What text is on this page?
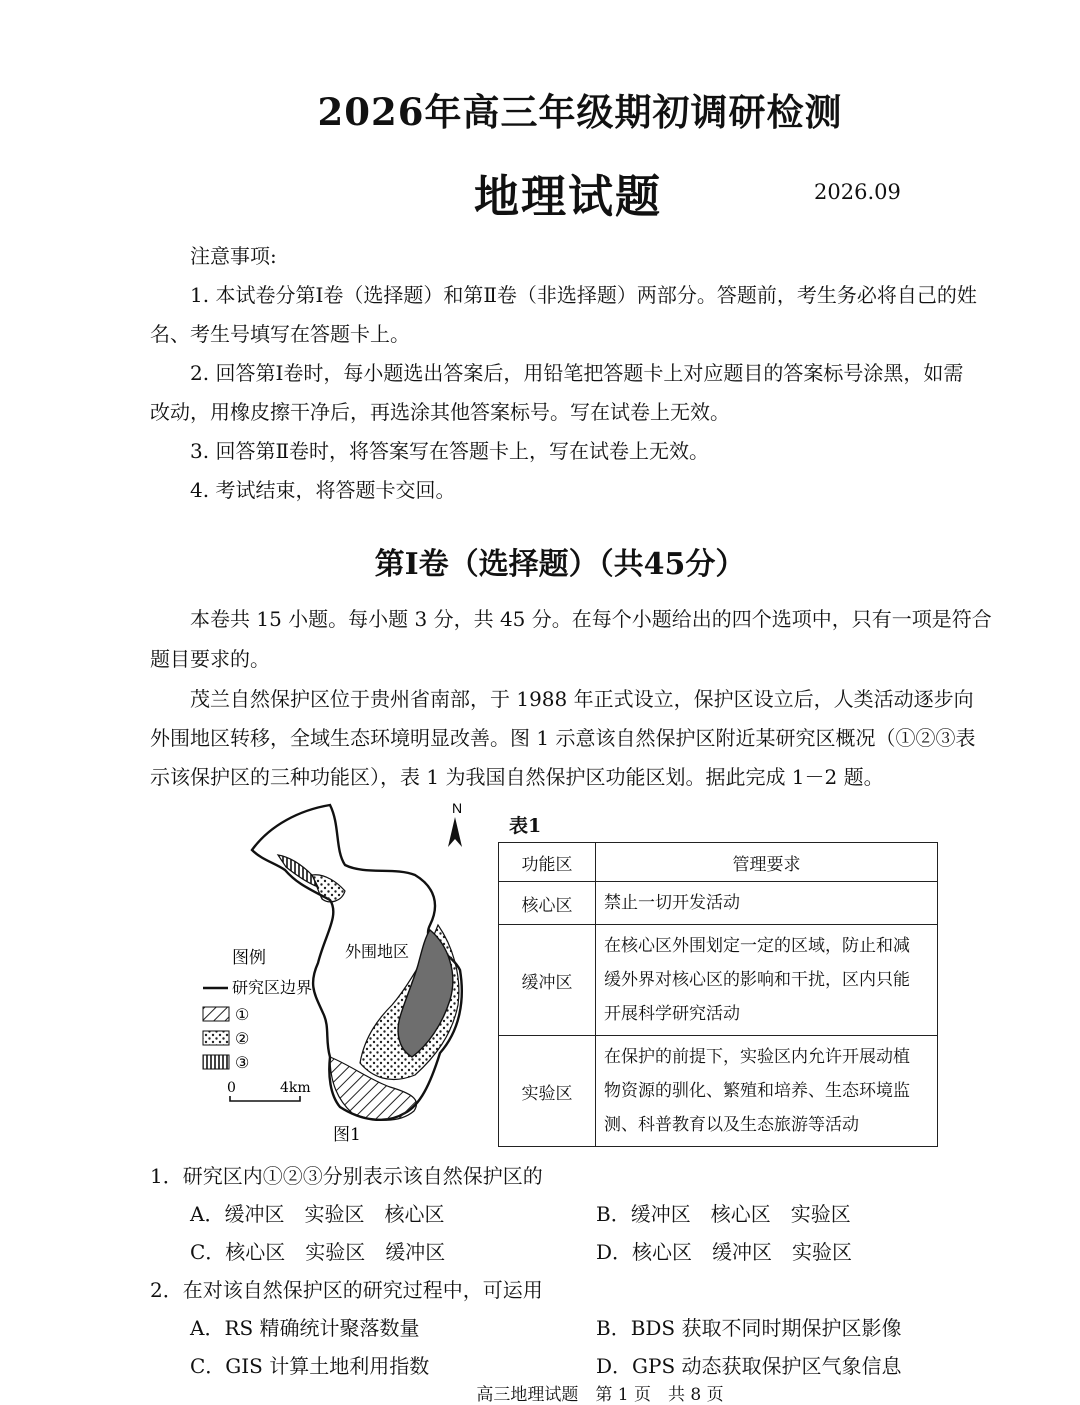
2026年高三年级期初调研检测
地理试题	2026.09
注意事项:
1. 本试卷分第Ⅰ卷（选择题）和第Ⅱ卷（非选择题）两部分。答题前，考生务必将自己的姓
名、考生号填写在答题卡上。
2. 回答第Ⅰ卷时，每小题选出答案后，用铅笔把答题卡上对应题目的答案标号涂黑，如需
改动，用橡皮擦干净后，再选涂其他答案标号。写在试卷上无效。
3. 回答第Ⅱ卷时，将答案写在答题卡上，写在试卷上无效。
4. 考试结束，将答题卡交回。
第Ⅰ卷（选择题）（共45分）
本卷共 15 小题。每小题 3 分，共 45 分。在每个小题给出的四个选项中，只有一项是符合
题目要求的。
茂兰自然保护区位于贵州省南部，于 1988 年正式设立，保护区设立后，人类活动逐步向
外围地区转移，全域生态环境明显改善。图 1 示意该自然保护区附近某研究区概况（①②③表
示该保护区的三种功能区），表 1 为我国自然保护区功能区划。据此完成 1－2 题。
N
外围地区
图例
研究区边界
①
②
③
0	4km
图1
表1
功能区	管理要求
核心区	禁止一切开发活动
缓冲区	在核心区外围划定一定的区域，防止和减
缓外界对核心区的影响和干扰，区内只能
开展科学研究活动

实验区	在保护的前提下，实验区内允许开展动植
物资源的驯化、繁殖和培养、生态环境监
测、科普教育以及生态旅游等活动
1．研究区内①②③分别表示该自然保护区的
A．缓冲区　实验区　核心区	B．缓冲区　核心区　实验区
C．核心区　实验区　缓冲区	D．核心区　缓冲区　实验区
2．在对该自然保护区的研究过程中，可运用
A．RS 精确统计聚落数量	B．BDS 获取不同时期保护区影像
C．GIS 计算土地利用指数	D．GPS 动态获取保护区气象信息
高三地理试题　第 1 页　共 8 页
